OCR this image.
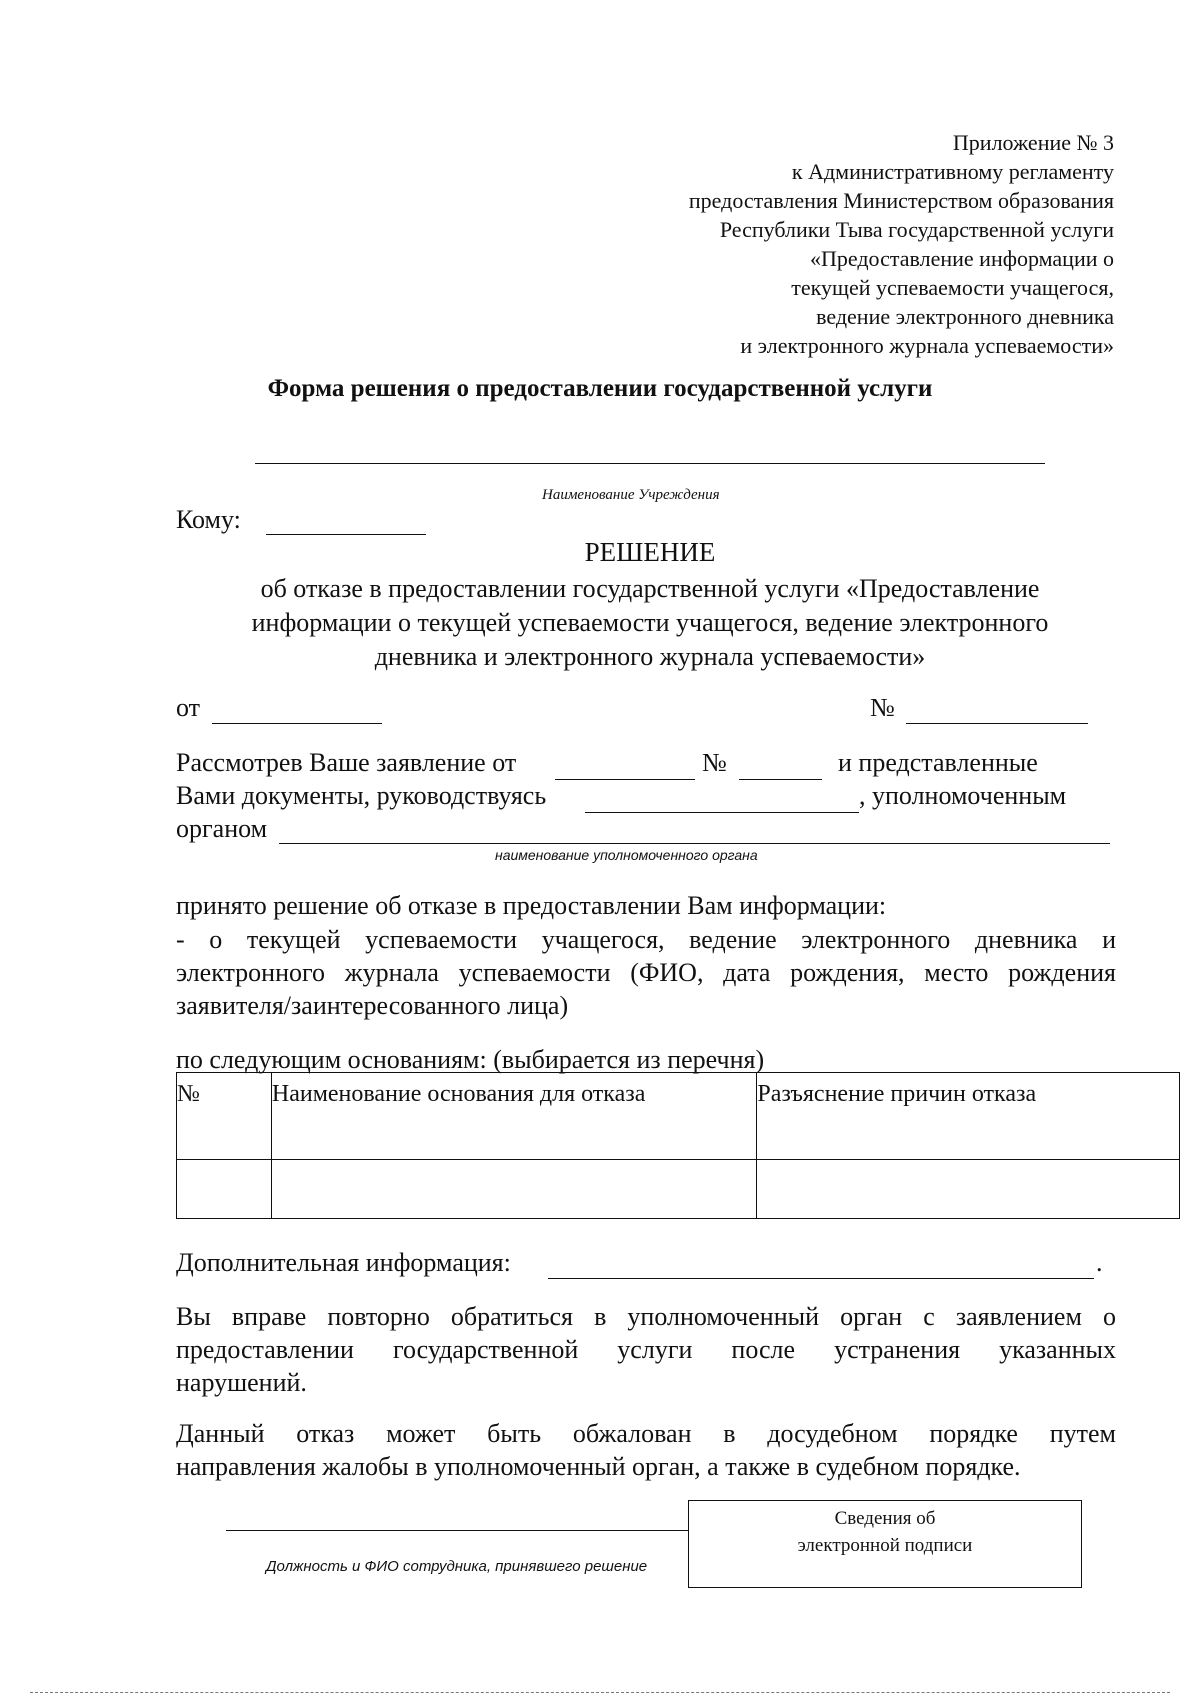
Приложение № 3
к Административному регламенту
предоставления Министерством образования
Республики Тыва государственной услуги
«Предоставление информации о
текущей успеваемости учащегося,
ведение электронного дневника
и электронного журнала успеваемости»
Форма решения о предоставлении государственной услуги
Наименование Учреждения
Кому:
РЕШЕНИЕ
об отказе в предоставлении государственной услуги «Предоставление
информации о текущей успеваемости учащегося, ведение электронного
дневника и электронного журнала успеваемости»
от	№
Рассмотрев Ваше заявление от	№	и представленные
Вами документы, руководствуясь	, уполномоченным
органом
наименование уполномоченного органа
принято решение об отказе в предоставлении Вам информации:
- о текущей успеваемости учащегося, ведение электронного дневника и
электронного журнала успеваемости (ФИО, дата рождения, место рождения
заявителя/заинтересованного лица)
по следующим основаниям: (выбирается из перечня)
№	Наименование основания для отказа	Разъяснение причин отказа

Дополнительная информация:	.
Вы вправе повторно обратиться в уполномоченный орган с заявлением о
предоставлении государственной услуги после устранения указанных
нарушений.
Данный отказ может быть обжалован в досудебном порядке путем
направления жалобы в уполномоченный орган, а также в судебном порядке.
Должность и ФИО сотрудника, принявшего решение
Сведения об
электронной подписи
